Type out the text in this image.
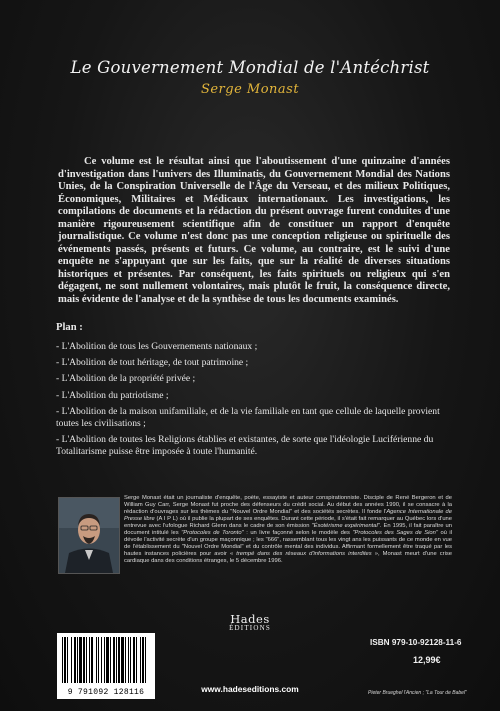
Le Gouvernement Mondial de l'Antéchrist
Serge Monast

Ce volume est le résultat ainsi que l'aboutissement d'une quinzaine d'années d'investigation dans l'univers des Illuminatis, du Gouvernement Mondial des Nations Unies, de la Conspiration Universelle de l'Âge du Verseau, et des milieux Politiques, Économiques, Militaires et Médicaux internationaux. Les investigations, les compilations de documents et la rédaction du présent ouvrage furent conduites d'une manière rigoureusement scientifique afin de constituer un rapport d'enquête journalistique. Ce volume n'est donc pas une conception religieuse ou spirituelle des événements passés, présents et futurs. Ce volume, au contraire, est le suivi d'une enquête ne s'appuyant que sur les faits, que sur la réalité de diverses situations historiques et présentes. Par conséquent, les faits spirituels ou religieux qui s'en dégagent, ne sont nullement volontaires, mais plutôt le fruit, la conséquence directe, mais évidente de l'analyse et de la synthèse de tous les documents examinés.

Plan :
- L'Abolition de tous les Gouvernements nationaux ;
- L'Abolition de tout héritage, de tout patrimoine ;
- L'Abolition de la propriété privée ;
- L'Abolition du patriotisme ;
- L'Abolition de la maison unifamiliale, et de la vie familiale en tant que cellule de laquelle provient toutes les civilisations ;
- L'Abolition de toutes les Religions établies et existantes, de sorte que l'idéologie Luciférienne du Totalitarisme puisse être imposée à toute l'humanité.

Serge Monast était un journaliste d'enquête, poète, essayiste et auteur conspirationniste. Disciple de René Bergeron et de William Guy Carr, Serge Monast fut proche des défenseurs du crédit social. Au début des années 1990, il se consacre à la rédaction d'ouvrages sur les thèmes du "Nouvel Ordre Mondial" et des sociétés secrètes. Il fonde l'Agence Internationale de Presse libre (A I P L) où il publie la plupart de ses enquêtes. Durant cette période, il s'était fait remarquer au Québec lors d'une entrevue avec l'ufologue Richard Glenn dans le cadre de son émission "Ésotérisme expérimental". En 1995, il fait paraître un document intitulé les "Protocoles de Toronto" : un livre façonné selon le modèle des "Protocoles des Sages de Sion" où il dévoile l'activité secrète d'un groupe maçonnique ; les "666", rassemblant tous les vingt ans les puissants de ce monde en vue de l'établissement du "Nouvel Ordre Mondial" et du contrôle mental des individus. Affirmant formellement être traqué par les hautes instances policières pour avoir « trempé dans des réseaux d'informations interdites », Monast meurt d'une crise cardiaque dans des conditions étranges, le 5 décembre 1996.

Hades
ÉDITIONS
ISBN 979-10-92128-11-6
12,99€
9 791092 128116	www.hadeseditions.com	Pieter Brueghel l'Ancien ; "La Tour de Babel"
